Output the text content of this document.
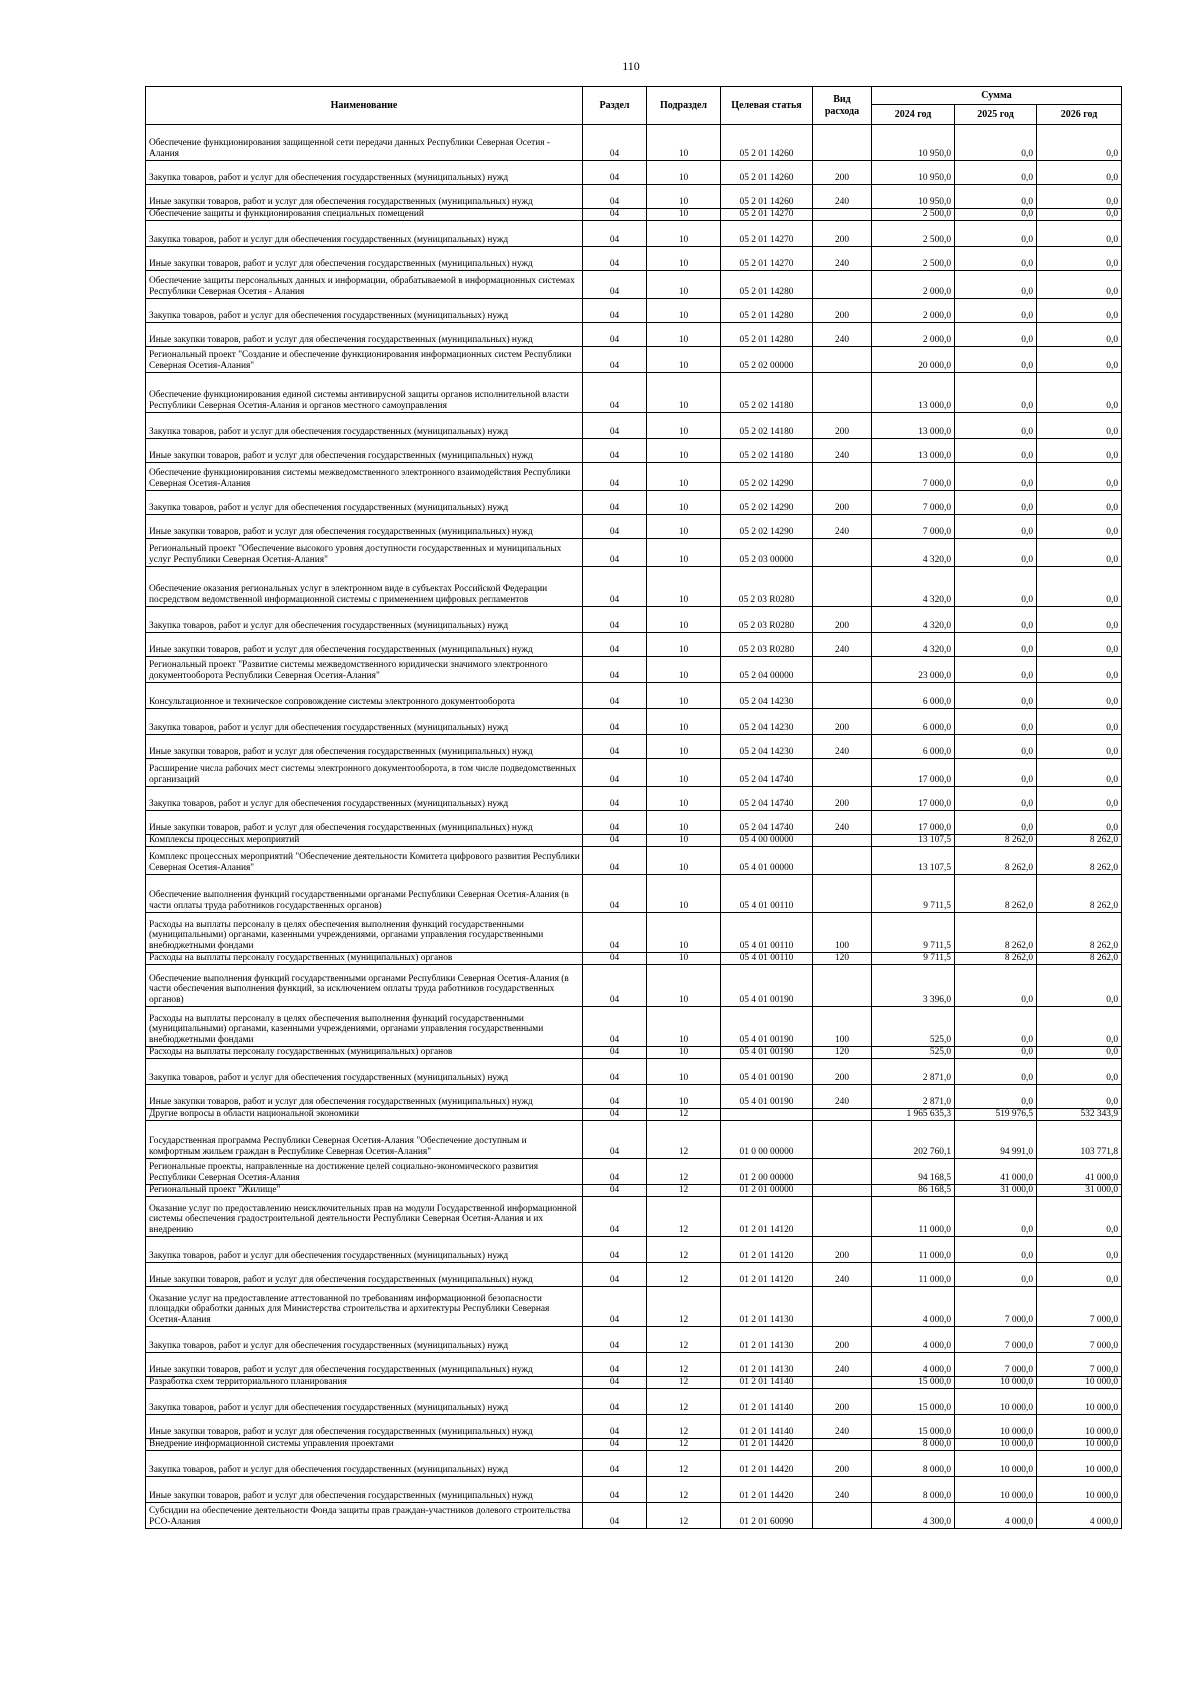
110
Наименование	Раздел	Подраздел	Целевая статья	Вид расхода	Сумма		
					2024 год	2025 год	2026 год
Обеспечение функционирования защищенной сети передачи данных Республики Северная Осетия - Алания	04	10	05 2 01 14260		10 950,0	0,0	0,0
Закупка товаров, работ и услуг для обеспечения государственных (муниципальных) нужд	04	10	05 2 01 14260	200	10 950,0	0,0	0,0
Иные закупки товаров, работ и услуг для обеспечения государственных (муниципальных) нужд	04	10	05 2 01 14260	240	10 950,0	0,0	0,0
Обеспечение защиты и функционирования специальных помещений	04	10	05 2 01 14270		2 500,0	0,0	0,0
Закупка товаров, работ и услуг для обеспечения государственных (муниципальных) нужд	04	10	05 2 01 14270	200	2 500,0	0,0	0,0
Иные закупки товаров, работ и услуг для обеспечения государственных (муниципальных) нужд	04	10	05 2 01 14270	240	2 500,0	0,0	0,0
Обеспечение защиты персональных данных и информации, обрабатываемой в информационных системах Республики Северная Осетия - Алания	04	10	05 2 01 14280		2 000,0	0,0	0,0
Закупка товаров, работ и услуг для обеспечения государственных (муниципальных) нужд	04	10	05 2 01 14280	200	2 000,0	0,0	0,0
Иные закупки товаров, работ и услуг для обеспечения государственных (муниципальных) нужд	04	10	05 2 01 14280	240	2 000,0	0,0	0,0
Региональный проект "Создание и обеспечение функционирования информационных систем Республики Северная Осетия-Алания"	04	10	05 2 02 00000		20 000,0	0,0	0,0
Обеспечение функционирования единой системы антивирусной защиты органов исполнительной власти Республики Северная Осетия-Алания и органов местного самоуправления	04	10	05 2 02 14180		13 000,0	0,0	0,0
Закупка товаров, работ и услуг для обеспечения государственных (муниципальных) нужд	04	10	05 2 02 14180	200	13 000,0	0,0	0,0
Иные закупки товаров, работ и услуг для обеспечения государственных (муниципальных) нужд	04	10	05 2 02 14180	240	13 000,0	0,0	0,0
Обеспечение функционирования системы межведомственного электронного взаимодействия Республики Северная Осетия-Алания	04	10	05 2 02 14290		7 000,0	0,0	0,0
Закупка товаров, работ и услуг для обеспечения государственных (муниципальных) нужд	04	10	05 2 02 14290	200	7 000,0	0,0	0,0
Иные закупки товаров, работ и услуг для обеспечения государственных (муниципальных) нужд	04	10	05 2 02 14290	240	7 000,0	0,0	0,0
Региональный проект "Обеспечение высокого уровня доступности государственных и муниципальных услуг Республики Северная Осетия-Алания"	04	10	05 2 03 00000		4 320,0	0,0	0,0
Обеспечение оказания региональных услуг в электронном виде в субъектах Российской Федерации посредством ведомственной информационной системы с применением цифровых регламентов	04	10	05 2 03 R0280		4 320,0	0,0	0,0
Закупка товаров, работ и услуг для обеспечения государственных (муниципальных) нужд	04	10	05 2 03 R0280	200	4 320,0	0,0	0,0
Иные закупки товаров, работ и услуг для обеспечения государственных (муниципальных) нужд	04	10	05 2 03 R0280	240	4 320,0	0,0	0,0
Региональный проект "Развитие системы межведомственного юридически значимого электронного документооборота Республики Северная Осетия-Алания"	04	10	05 2 04 00000		23 000,0	0,0	0,0
Консультационное и техническое сопровождение системы электронного документооборота	04	10	05 2 04 14230		6 000,0	0,0	0,0
Закупка товаров, работ и услуг для обеспечения государственных (муниципальных) нужд	04	10	05 2 04 14230	200	6 000,0	0,0	0,0
Иные закупки товаров, работ и услуг для обеспечения государственных (муниципальных) нужд	04	10	05 2 04 14230	240	6 000,0	0,0	0,0
Расширение числа рабочих мест системы электронного документооборота, в том числе подведомственных организаций	04	10	05 2 04 14740		17 000,0	0,0	0,0
Закупка товаров, работ и услуг для обеспечения государственных (муниципальных) нужд	04	10	05 2 04 14740	200	17 000,0	0,0	0,0
Иные закупки товаров, работ и услуг для обеспечения государственных (муниципальных) нужд	04	10	05 2 04 14740	240	17 000,0	0,0	0,0
Комплексы процессных мероприятий	04	10	05 4 00 00000		13 107,5	8 262,0	8 262,0
Комплекс процессных мероприятий "Обеспечение деятельности Комитета цифрового развития Республики Северная Осетия-Алания"	04	10	05 4 01 00000		13 107,5	8 262,0	8 262,0
Обеспечение выполнения функций государственными органами Республики Северная Осетия-Алания (в части оплаты труда работников государственных органов)	04	10	05 4 01 00110		9 711,5	8 262,0	8 262,0
Расходы на выплаты персоналу в целях обеспечения выполнения функций государственными (муниципальными) органами, казенными учреждениями, органами управления государственными внебюджетными фондами	04	10	05 4 01 00110	100	9 711,5	8 262,0	8 262,0
Расходы на выплаты персоналу государственных (муниципальных) органов	04	10	05 4 01 00110	120	9 711,5	8 262,0	8 262,0
Обеспечение выполнения функций государственными органами Республики Северная Осетия-Алания (в части обеспечения выполнения функций, за исключением оплаты труда работников государственных органов)	04	10	05 4 01 00190		3 396,0	0,0	0,0
Расходы на выплаты персоналу в целях обеспечения выполнения функций государственными (муниципальными) органами, казенными учреждениями, органами управления государственными внебюджетными фондами	04	10	05 4 01 00190	100	525,0	0,0	0,0
Расходы на выплаты персоналу государственных (муниципальных) органов	04	10	05 4 01 00190	120	525,0	0,0	0,0
Закупка товаров, работ и услуг для обеспечения государственных (муниципальных) нужд	04	10	05 4 01 00190	200	2 871,0	0,0	0,0
Иные закупки товаров, работ и услуг для обеспечения государственных (муниципальных) нужд	04	10	05 4 01 00190	240	2 871,0	0,0	0,0
Другие вопросы в области национальной экономики	04	12			1 965 635,3	519 976,5	532 343,9
Государственная программа Республики Северная Осетия-Алания "Обеспечение доступным и комфортным жильем граждан в Республике Северная Осетия-Алания"	04	12	01 0 00 00000		202 760,1	94 991,0	103 771,8
Региональные проекты, направленные на достижение целей социально-экономического развития Республики Северная Осетия-Алания	04	12	01 2 00 00000		94 168,5	41 000,0	41 000,0
Региональный проект "Жилище"	04	12	01 2 01 00000		86 168,5	31 000,0	31 000,0
Оказание услуг по предоставлению неисключительных прав на модули Государственной информационной системы обеспечения градостроительной деятельности Республики Северная Осетия-Алания и их внедрению	04	12	01 2 01 14120		11 000,0	0,0	0,0
Закупка товаров, работ и услуг для обеспечения государственных (муниципальных) нужд	04	12	01 2 01 14120	200	11 000,0	0,0	0,0
Иные закупки товаров, работ и услуг для обеспечения государственных (муниципальных) нужд	04	12	01 2 01 14120	240	11 000,0	0,0	0,0
Оказание услуг на предоставление аттестованной по требованиям информационной безопасности площадки обработки данных для Министерства строительства и архитектуры Республики Северная Осетия-Алания	04	12	01 2 01 14130		4 000,0	7 000,0	7 000,0
Закупка товаров, работ и услуг для обеспечения государственных (муниципальных) нужд	04	12	01 2 01 14130	200	4 000,0	7 000,0	7 000,0
Иные закупки товаров, работ и услуг для обеспечения государственных (муниципальных) нужд	04	12	01 2 01 14130	240	4 000,0	7 000,0	7 000,0
Разработка схем территориального планирования	04	12	01 2 01 14140		15 000,0	10 000,0	10 000,0
Закупка товаров, работ и услуг для обеспечения государственных (муниципальных) нужд	04	12	01 2 01 14140	200	15 000,0	10 000,0	10 000,0
Иные закупки товаров, работ и услуг для обеспечения государственных (муниципальных) нужд	04	12	01 2 01 14140	240	15 000,0	10 000,0	10 000,0
Внедрение информационной системы управления проектами	04	12	01 2 01 14420		8 000,0	10 000,0	10 000,0
Закупка товаров, работ и услуг для обеспечения государственных (муниципальных) нужд	04	12	01 2 01 14420	200	8 000,0	10 000,0	10 000,0
Иные закупки товаров, работ и услуг для обеспечения государственных (муниципальных) нужд	04	12	01 2 01 14420	240	8 000,0	10 000,0	10 000,0
Субсидии на обеспечение деятельности Фонда защиты прав граждан-участников долевого строительства РСО-Алания	04	12	01 2 01 60090		4 300,0	4 000,0	4 000,0
